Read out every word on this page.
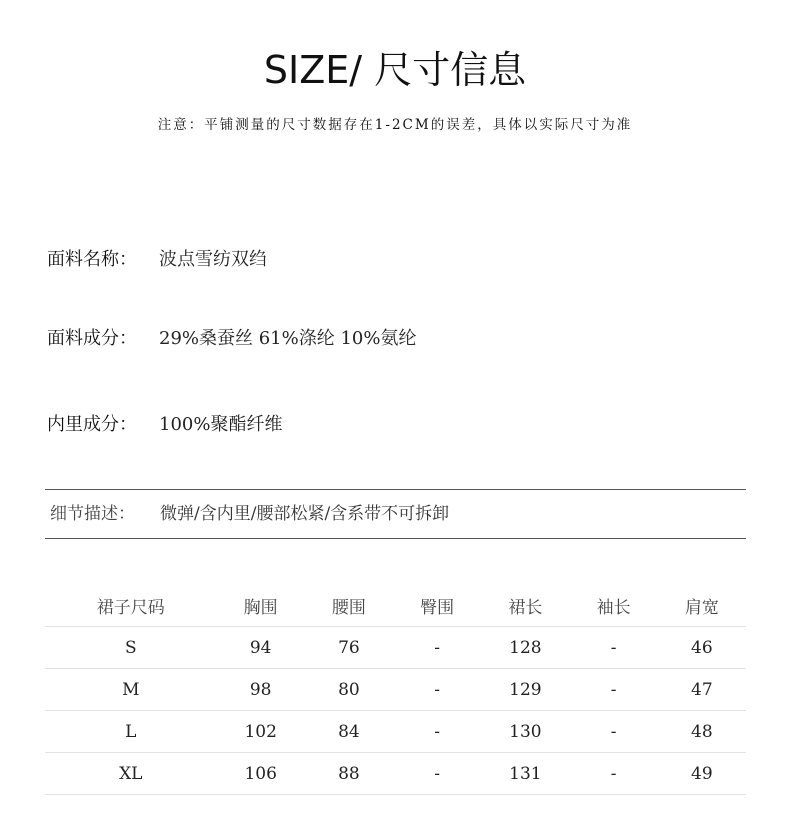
SIZE/ 尺寸信息
注意：平铺测量的尺寸数据存在1-2CM的误差，具体以实际尺寸为准
面料名称： 波点雪纺双绉
面料成分： 29%桑蚕丝 61%涤纶 10%氨纶
内里成分： 100%聚酯纤维
细节描述： 微弹/含内里/腰部松紧/含系带不可拆卸
裙子尺码	胸围	腰围	臀围	裙长	袖长	肩宽
S	94	76	-	128	-	46
M	98	80	-	129	-	47
L	102	84	-	130	-	48
XL	106	88	-	131	-	49
